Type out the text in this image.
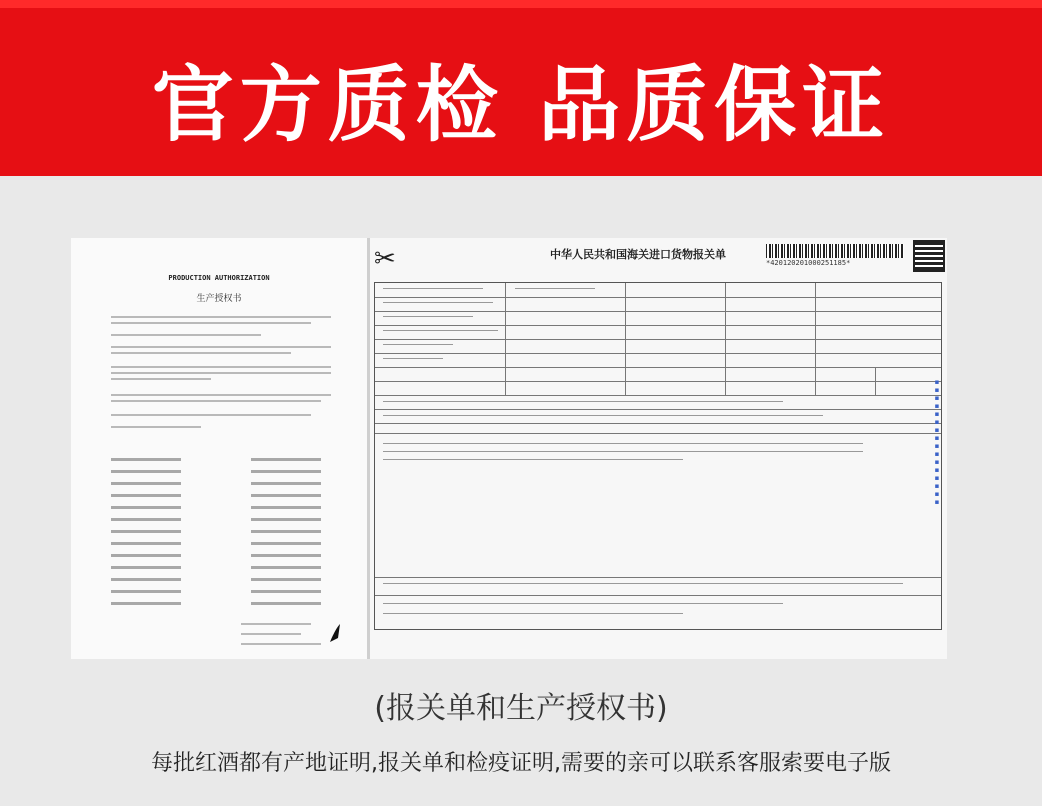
官方质检 品质保证
PRODUCTION AUTHORIZATION
生产授权书
✂	中华人民共和国海关进口货物报关单
*420120201000251185*
▪▪▪▪▪▪▪▪▪▪▪▪▪▪▪▪
(报关单和生产授权书)
每批红酒都有产地证明,报关单和检疫证明,需要的亲可以联系客服索要电子版
